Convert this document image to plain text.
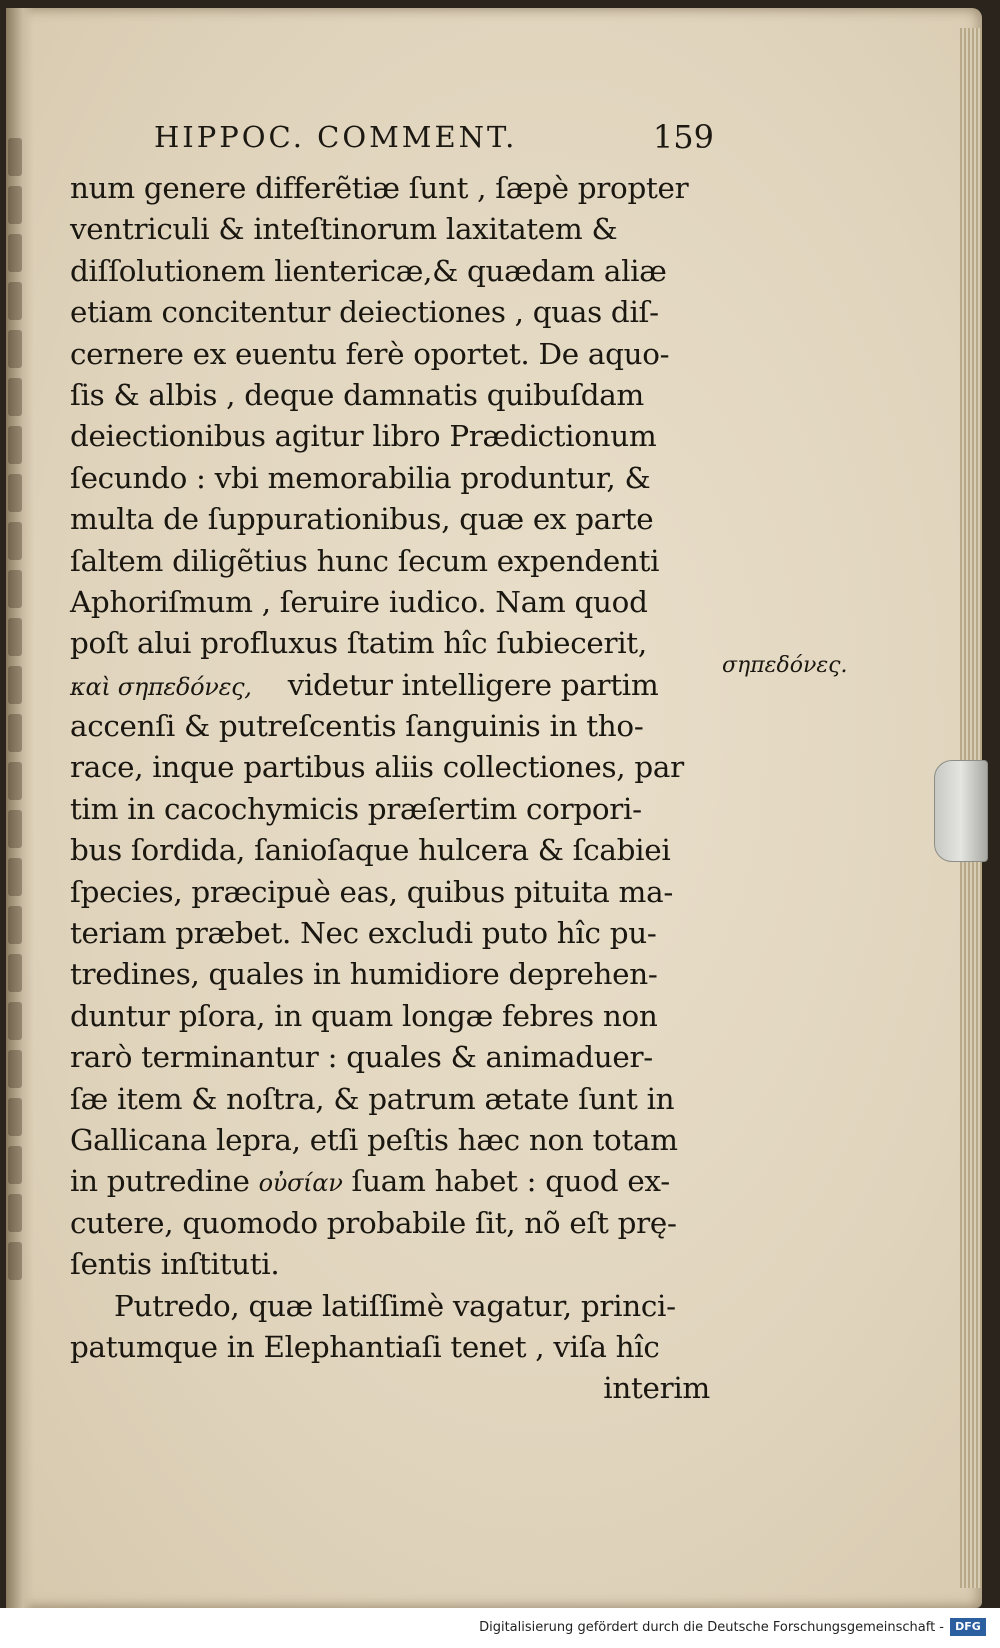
HIPPOC. COMMENT.	159
num genere differẽtiæ ſunt , ſæpè propter
ventriculi & inteſtinorum laxitatem &
diſſolutionem lientericæ,& quædam aliæ
etiam concitentur deiectiones , quas diſ-
cernere ex euentu ferè oportet. De aquo-
ſis & albis , deque damnatis quibuſdam
deiectionibus agitur libro Prædictionum
ſecundo : vbi memorabilia produntur, &
multa de ſuppurationibus, quæ ex parte
ſaltem diligẽtius hunc ſecum expendenti
Aphoriſmum , ſeruire iudico. Nam quod
poſt alui profluxus ſtatim hîc ſubiecerit,
καὶ σηπεδόνες, videtur intelligere partim
accenſi & putreſcentis ſanguinis in tho-
race, inque partibus aliis collectiones, par
tim in cacochymicis præſertim corpori-
bus ſordida, ſanioſaque hulcera & ſcabiei
ſpecies, præcipuè eas, quibus pituita ma-
teriam præbet. Nec excludi puto hîc pu-
tredines, quales in humidiore deprehen-
duntur pſora, in quam longæ febres non
rarò terminantur : quales & animaduer-
ſæ item & noſtra, & patrum ætate ſunt in
Gallicana lepra, etſi peſtis hæc non totam
in putredine οὐσίαν ſuam habet : quod ex-
cutere, quomodo probabile ſit, nõ eſt prę-
ſentis inſtituti.
Putredo, quæ latiſſimè vagatur, princi-
patumque in Elephantiaſi tenet , viſa hîc
interim
σηπεδόνες.
Digitalisierung gefördert durch die Deutsche Forschungsgemeinschaft -	DFG
